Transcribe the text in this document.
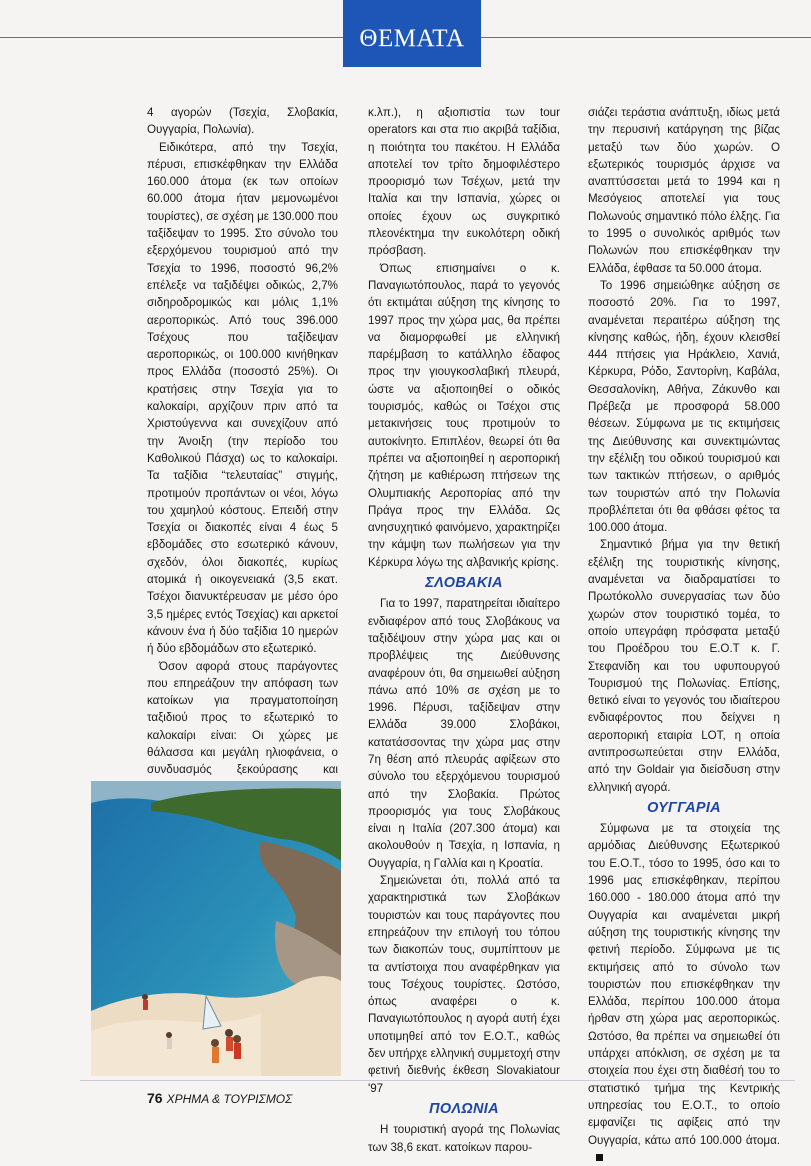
ΘΕΜΑΤΑ

4 αγορών (Τσεχία, Σλοβακία, Ουγγαρία, Πολωνία).

Ειδικότερα, από την Τσεχία, πέρυσι, επισκέφθηκαν την Ελλάδα 160.000 άτομα (εκ των οποίων 60.000 άτομα ήταν μεμονωμένοι τουρίστες), σε σχέση με 130.000 που ταξίδεψαν το 1995. Στο σύνολο του εξερχόμενου τουρισμού από την Τσεχία το 1996, ποσοστό 96,2% επέλεξε να ταξιδέψει οδικώς, 2,7% σιδηροδρομικώς και μόλις 1,1% αεροπορικώς. Από τους 396.000 Τσέχους που ταξίδεψαν αεροπορικώς, οι 100.000 κινήθηκαν προς Ελλάδα (ποσοστό 25%). Οι κρατήσεις στην Τσεχία για το καλοκαίρι, αρχίζουν πριν από τα Χριστούγεννα και συνεχίζουν από την Άνοιξη (την περίοδο του Καθολικού Πάσχα) ως το καλοκαίρι. Τα ταξίδια “τελευταίας” στιγμής, προτιμούν προπάντων οι νέοι, λόγω του χαμηλού κόστους. Επειδή στην Τσεχία οι διακοπές είναι 4 έως 5 εβδομάδες στο εσωτερικό κάνουν, σχεδόν, όλοι διακοπές, κυρίως ατομικά ή οικογενειακά (3,5 εκατ. Τσέχοι διανυκτέρευσαν με μέσο όρο 3,5 ημέρες εντός Τσεχίας) και αρκετοί κάνουν ένα ή δύο ταξίδια 10 ημερών ή δύο εβδομάδων στο εξωτερικό.

Όσον αφορά στους παράγοντες που επηρεάζουν την απόφαση των κατοίκων για πραγματοποίηση ταξιδιού προς το εξωτερικό το καλοκαίρι είναι: Οι χώρες με θάλασσα και μεγάλη ηλιοφάνεια, ο συνδυασμός ξεκούρασης και

κ.λπ.), η αξιοπιστία των tour operators και στα πιο ακριβά ταξίδια, η ποιότητα του πακέτου. Η Ελλάδα αποτελεί τον τρίτο δημοφιλέστερο προορισμό των Τσέχων, μετά την Ιταλία και την Ισπανία, χώρες οι οποίες έχουν ως συγκριτικό πλεονέκτημα την ευκολότερη οδική πρόσβαση.

Όπως επισημαίνει ο κ. Παναγιωτόπουλος, παρά το γεγονός ότι εκτιμάται αύξηση της κίνησης το 1997 προς την χώρα μας, θα πρέπει να διαμορφωθεί με ελληνική παρέμβαση το κατάλληλο έδαφος προς την γιουγκοσλαβική πλευρά, ώστε να αξιοποιηθεί ο οδικός τουρισμός, καθώς οι Τσέχοι στις μετακινήσεις τους προτιμούν το αυτοκίνητο. Επιπλέον, θεωρεί ότι θα πρέπει να αξιοποιηθεί η αεροπορική ζήτηση με καθιέρωση πτήσεων της Ολυμπιακής Αεροπορίας από την Πράγα προς την Ελλάδα. Ως ανησυχητικό φαινόμενο, χαρακτηρίζει την κάμψη των πωλήσεων για την Κέρκυρα λόγω της αλβανικής κρίσης.

ΣΛΟΒΑΚΙΑ

Για το 1997, παρατηρείται ιδιαίτερο ενδιαφέρον από τους Σλοβάκους να ταξιδέψουν στην χώρα μας και οι προβλέψεις της Διεύθυνσης αναφέρουν ότι, θα σημειωθεί αύξηση πάνω από 10% σε σχέση με το 1996. Πέρυσι, ταξίδεψαν στην Ελλάδα 39.000 Σλοβάκοι, κατατάσσοντας την χώρα μας στην 7η θέση από πλευράς αφίξεων στο σύνολο του εξερχόμενου τουρισμού από την Σλοβακία. Πρώτος προορισμός για τους Σλοβάκους είναι η Ιταλία (207.300 άτομα) και ακολουθούν η Τσεχία, η Ισπανία, η Ουγγαρία, η Γαλλία και η Κροατία.

Σημειώνεται ότι, πολλά από τα χαρακτηριστικά των Σλοβάκων τουριστών και τους παράγοντες που επηρεάζουν την επιλογή του τόπου των διακοπών τους, συμπίπτουν με τα αντίστοιχα που αναφέρθηκαν για τους Τσέχους τουρίστες. Ωστόσο, όπως αναφέρει ο κ. Παναγιωτόπουλος η αγορά αυτή έχει υποτιμηθεί από τον Ε.Ο.Τ., καθώς δεν υπήρχε ελληνική συμμετοχή στην φετινή διεθνής έκθεση Slovakiatour '97

ΠΟΛΩΝΙΑ

Η τουριστική αγορά της Πολωνίας των 38,6 εκατ. κατοίκων παρου-

σιάζει τεράστια ανάπτυξη, ιδίως μετά την περυσινή κατάργηση της βίζας μεταξύ των δύο χωρών. Ο εξωτερικός τουρισμός άρχισε να αναπτύσσεται μετά το 1994 και η Μεσόγειος αποτελεί για τους Πολωνούς σημαντικό πόλο έλξης. Για το 1995 ο συνολικός αριθμός των Πολωνών που επισκέφθηκαν την Ελλάδα, έφθασε τα 50.000 άτομα.

Το 1996 σημειώθηκε αύξηση σε ποσοστό 20%. Για το 1997, αναμένεται περαιτέρω αύξηση της κίνησης καθώς, ήδη, έχουν κλεισθεί 444 πτήσεις για Ηράκλειο, Χανιά, Κέρκυρα, Ρόδο, Σαντορίνη, Καβάλα, Θεσσαλονίκη, Αθήνα, Ζάκυνθο και Πρέβεζα με προσφορά 58.000 θέσεων. Σύμφωνα με τις εκτιμήσεις της Διεύθυνσης και συνεκτιμώντας την εξέλιξη του οδικού τουρισμού και των τακτικών πτήσεων, ο αριθμός των τουριστών από την Πολωνία προβλέπεται ότι θα φθάσει φέτος τα 100.000 άτομα.

Σημαντικό βήμα για την θετική εξέλιξη της τουριστικής κίνησης, αναμένεται να διαδραματίσει το Πρωτόκολλο συνεργασίας των δύο χωρών στον τουριστικό τομέα, το οποίο υπεγράφη πρόσφατα μεταξύ του Προέδρου του Ε.Ο.Τ κ. Γ. Στεφανίδη και του υφυπουργού Τουρισμού της Πολωνίας. Επίσης, θετικό είναι το γεγονός του ιδιαίτερου ενδιαφέροντος που δείχνει η αεροπορική εταιρία LOT, η οποία αντιπροσωπεύεται στην Ελλάδα, από την Goldair για διείσδυση στην ελληνική αγορά.

ΟΥΓΓΑΡΙΑ

Σύμφωνα με τα στοιχεία της αρμόδιας Διεύθυνσης Εξωτερικού του Ε.Ο.Τ., τόσο το 1995, όσο και το 1996 μας επισκέφθηκαν, περίπου 160.000 - 180.000 άτομα από την Ουγγαρία και αναμένεται μικρή αύξηση της τουριστικής κίνησης την φετινή περίοδο. Σύμφωνα με τις εκτιμήσεις από το σύνολο των τουριστών που επισκέφθηκαν την Ελλάδα, περίπου 100.000 άτομα ήρθαν στη χώρα μας αεροπορικώς. Ωστόσο, θα πρέπει να σημειωθεί ότι υπάρχει απόκλιση, σε σχέση με τα στοιχεία που έχει στη διαθέσή του το στατιστικό τμήμα της Κεντρικής υπηρεσίας του Ε.Ο.Τ., το οποίο εμφανίζει τις αφίξεις από την Ουγγαρία, κάτω από 100.000 άτομα.

76 ΧΡΗΜΑ & ΤΟΥΡΙΣΜΟΣ
